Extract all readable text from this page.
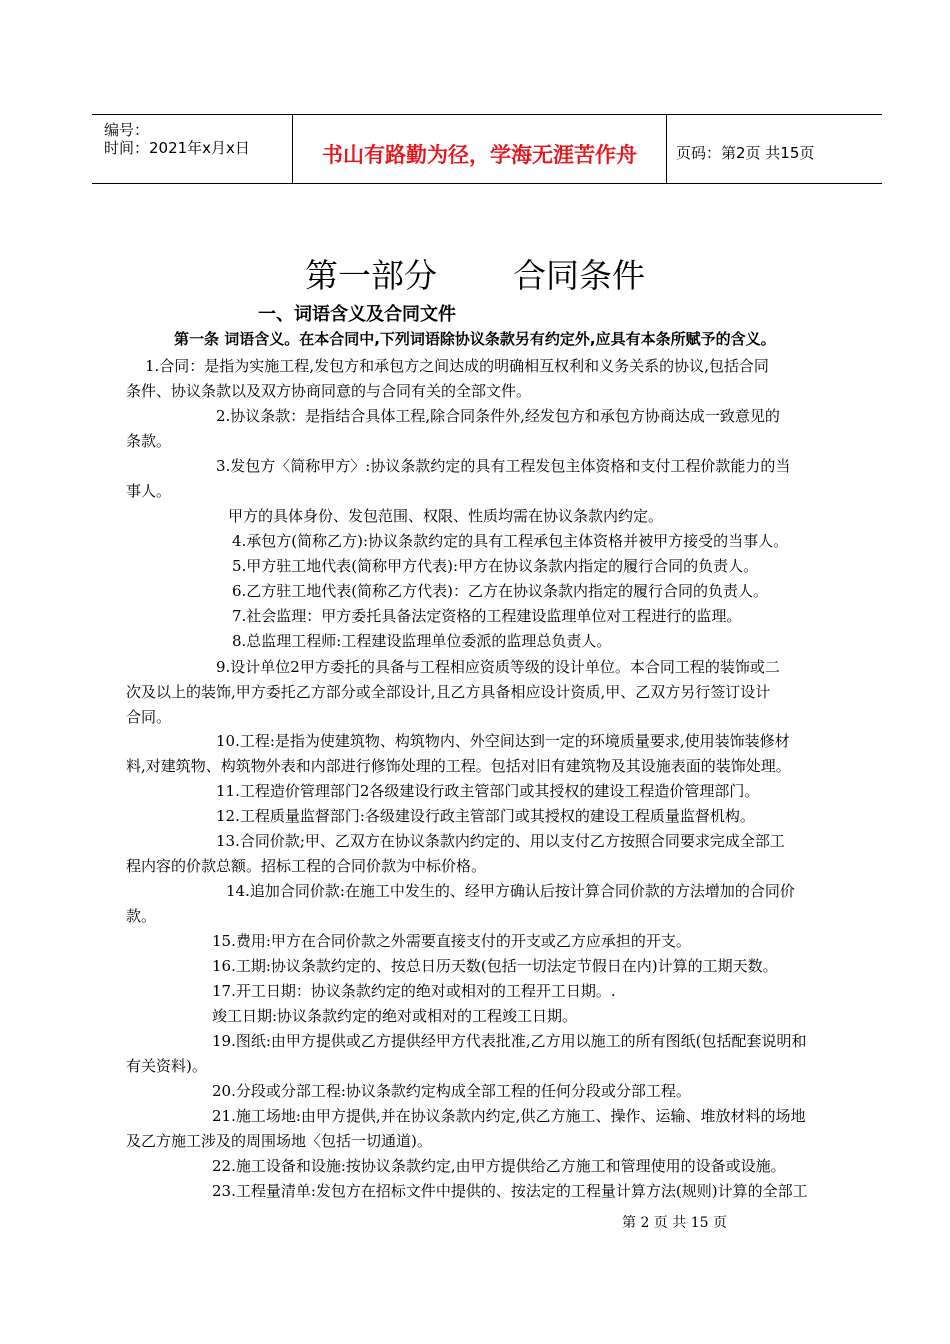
编号：
时间：2021年x月x日	书山有路勤为径，学海无涯苦作舟	页码：第2页 共15页
第一部分 合同条件
一、词语含义及合同文件
第一条 词语含义。在本合同中,下列词语除协议条款另有约定外,应具有本条所赋予的含义。
1.合同：是指为实施工程,发包方和承包方之间达成的明确相互权利和义务关系的协议,包括合同
条件、协议条款以及双方协商同意的与合同有关的全部文件。
2.协议条款：是指结合具体工程,除合同条件外,经发包方和承包方协商达成一致意见的
条款。
3.发包方〈简称甲方〉:协议条款约定的具有工程发包主体资格和支付工程价款能力的当
事人。
甲方的具体身份、发包范围、权限、性质均需在协议条款内约定。
4.承包方(简称乙方):协议条款约定的具有工程承包主体资格并被甲方接受的当事人。
5.甲方驻工地代表(简称甲方代表):甲方在协议条款内指定的履行合同的负责人。
6.乙方驻工地代表(简称乙方代表)：乙方在协议条款内指定的履行合同的负责人。
7.社会监理：甲方委托具备法定资格的工程建设监理单位对工程进行的监理。
8.总监理工程师:工程建设监理单位委派的监理总负责人。
9.设计单位2甲方委托的具备与工程相应资质等级的设计单位。本合同工程的装饰或二
次及以上的装饰,甲方委托乙方部分或全部设计,且乙方具备相应设计资质,甲、乙双方另行签订设计
合同。
10.工程:是指为使建筑物、构筑物内、外空间达到一定的环境质量要求,使用装饰装修材
料,对建筑物、构筑物外表和内部进行修饰处理的工程。包括对旧有建筑物及其设施表面的装饰处理。
11.工程造价管理部门2各级建设行政主管部门或其授权的建设工程造价管理部门。
12.工程质量监督部门:各级建设行政主管部门或其授权的建设工程质量监督机构。
13.合同价款;甲、乙双方在协议条款内约定的、用以支付乙方按照合同要求完成全部工
程内容的价款总额。招标工程的合同价款为中标价格。
14.追加合同价款:在施工中发生的、经甲方确认后按计算合同价款的方法增加的合同价
款。
15.费用:甲方在合同价款之外需要直接支付的开支或乙方应承担的开支。
16.工期:协议条款约定的、按总日历天数(包括一切法定节假日在内)计算的工期天数。
17.开工日期：协议条款约定的绝对或相对的工程开工日期。.
竣工日期:协议条款约定的绝对或相对的工程竣工日期。
19.图纸:由甲方提供或乙方提供经甲方代表批准,乙方用以施工的所有图纸(包括配套说明和
有关资料)。
20.分段或分部工程:协议条款约定构成全部工程的任何分段或分部工程。
21.施工场地:由甲方提供,并在协议条款内约定,供乙方施工、操作、运输、堆放材料的场地
及乙方施工涉及的周围场地〈包括一切通道)。
22.施工设备和设施:按协议条款约定,由甲方提供给乙方施工和管理使用的设备或设施。
23.工程量清单:发包方在招标文件中提供的、按法定的工程量计算方法(规则)计算的全部工
第 2 页 共 15 页
